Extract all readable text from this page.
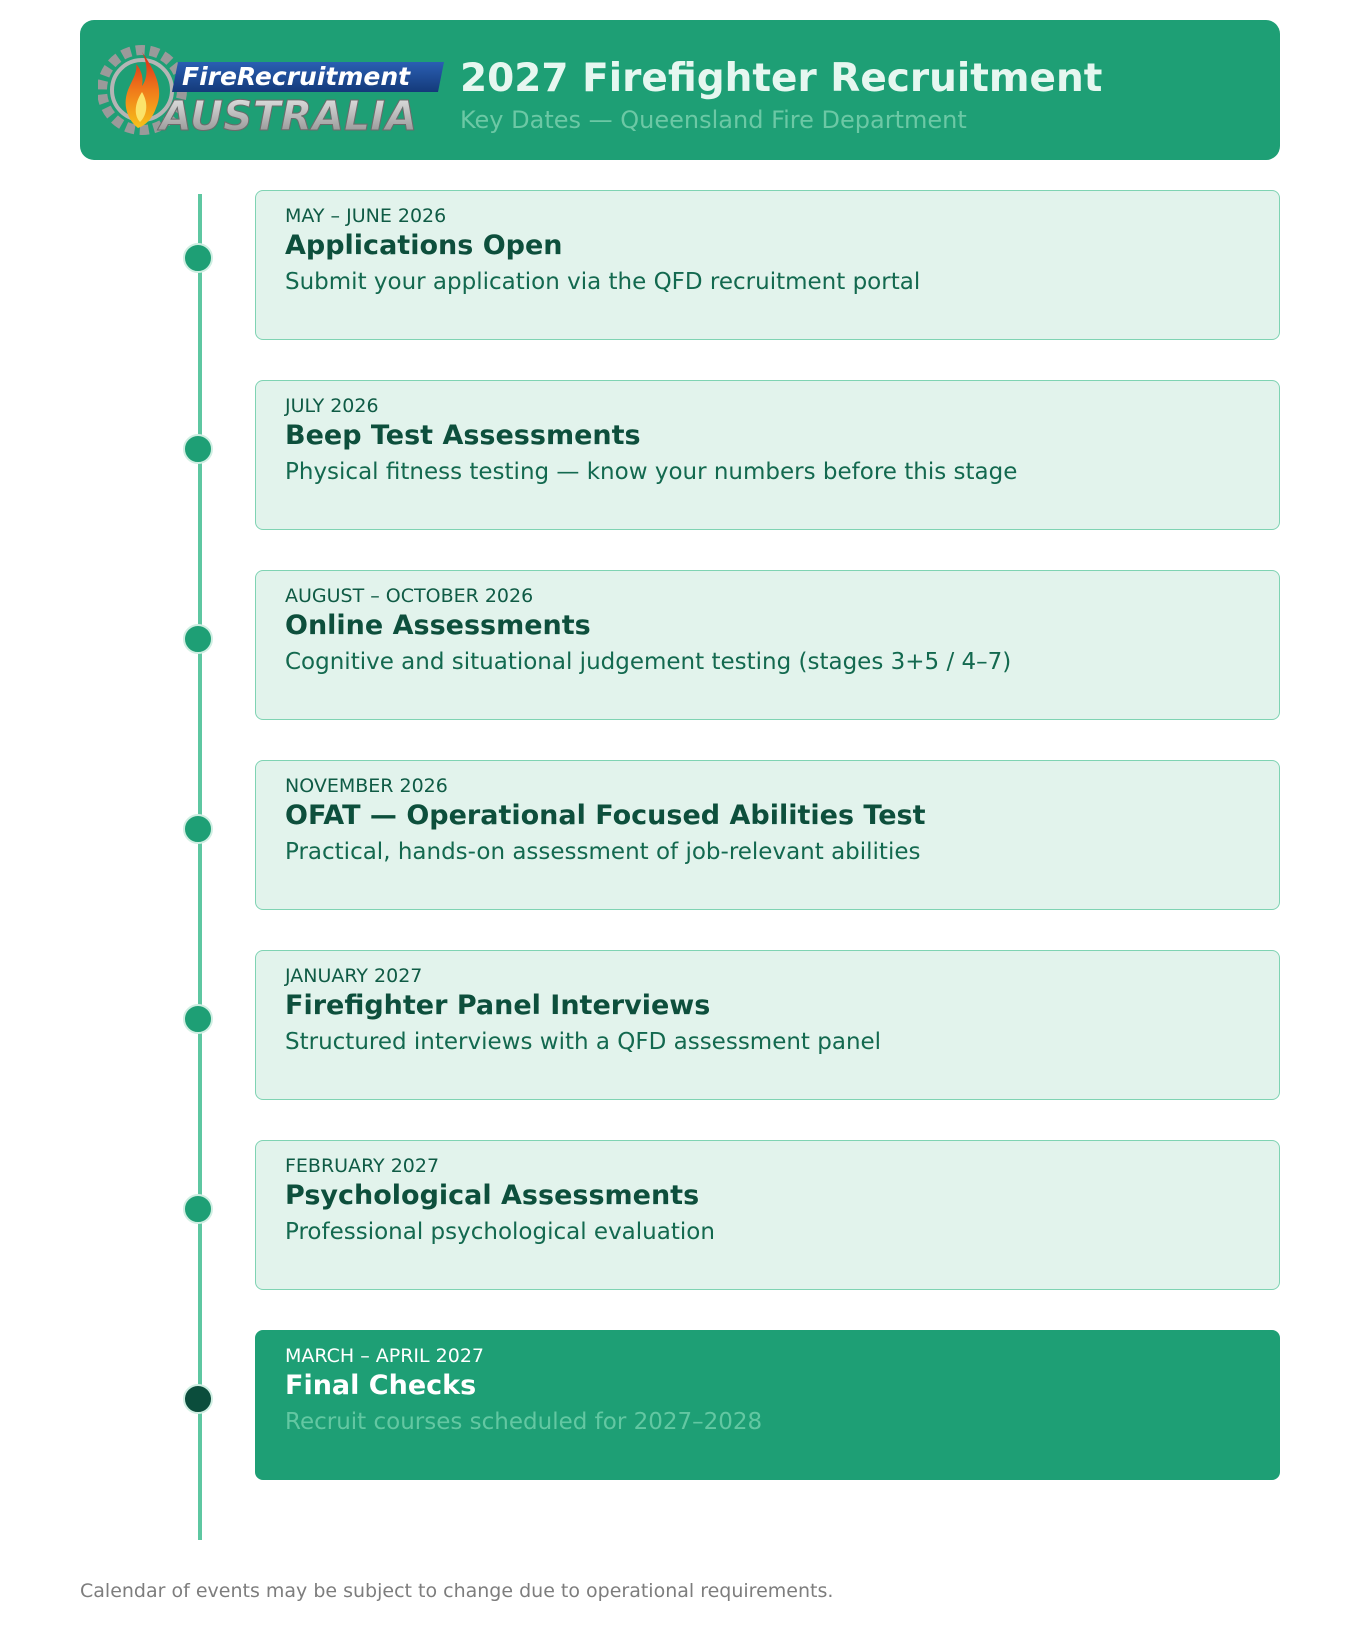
FireRecruitment
AUSTRALIA
2027 Firefighter Recruitment
Key Dates — Queensland Fire Department
MAY – JUNE 2026
Applications Open
Submit your application via the QFD recruitment portal
JULY 2026
Beep Test Assessments
Physical fitness testing — know your numbers before this stage
AUGUST – OCTOBER 2026
Online Assessments
Cognitive and situational judgement testing (stages 3+5 / 4–7)
NOVEMBER 2026
OFAT — Operational Focused Abilities Test
Practical, hands-on assessment of job-relevant abilities
JANUARY 2027
Firefighter Panel Interviews
Structured interviews with a QFD assessment panel
FEBRUARY 2027
Psychological Assessments
Professional psychological evaluation
MARCH – APRIL 2027
Final Checks
Recruit courses scheduled for 2027–2028
Calendar of events may be subject to change due to operational requirements.
